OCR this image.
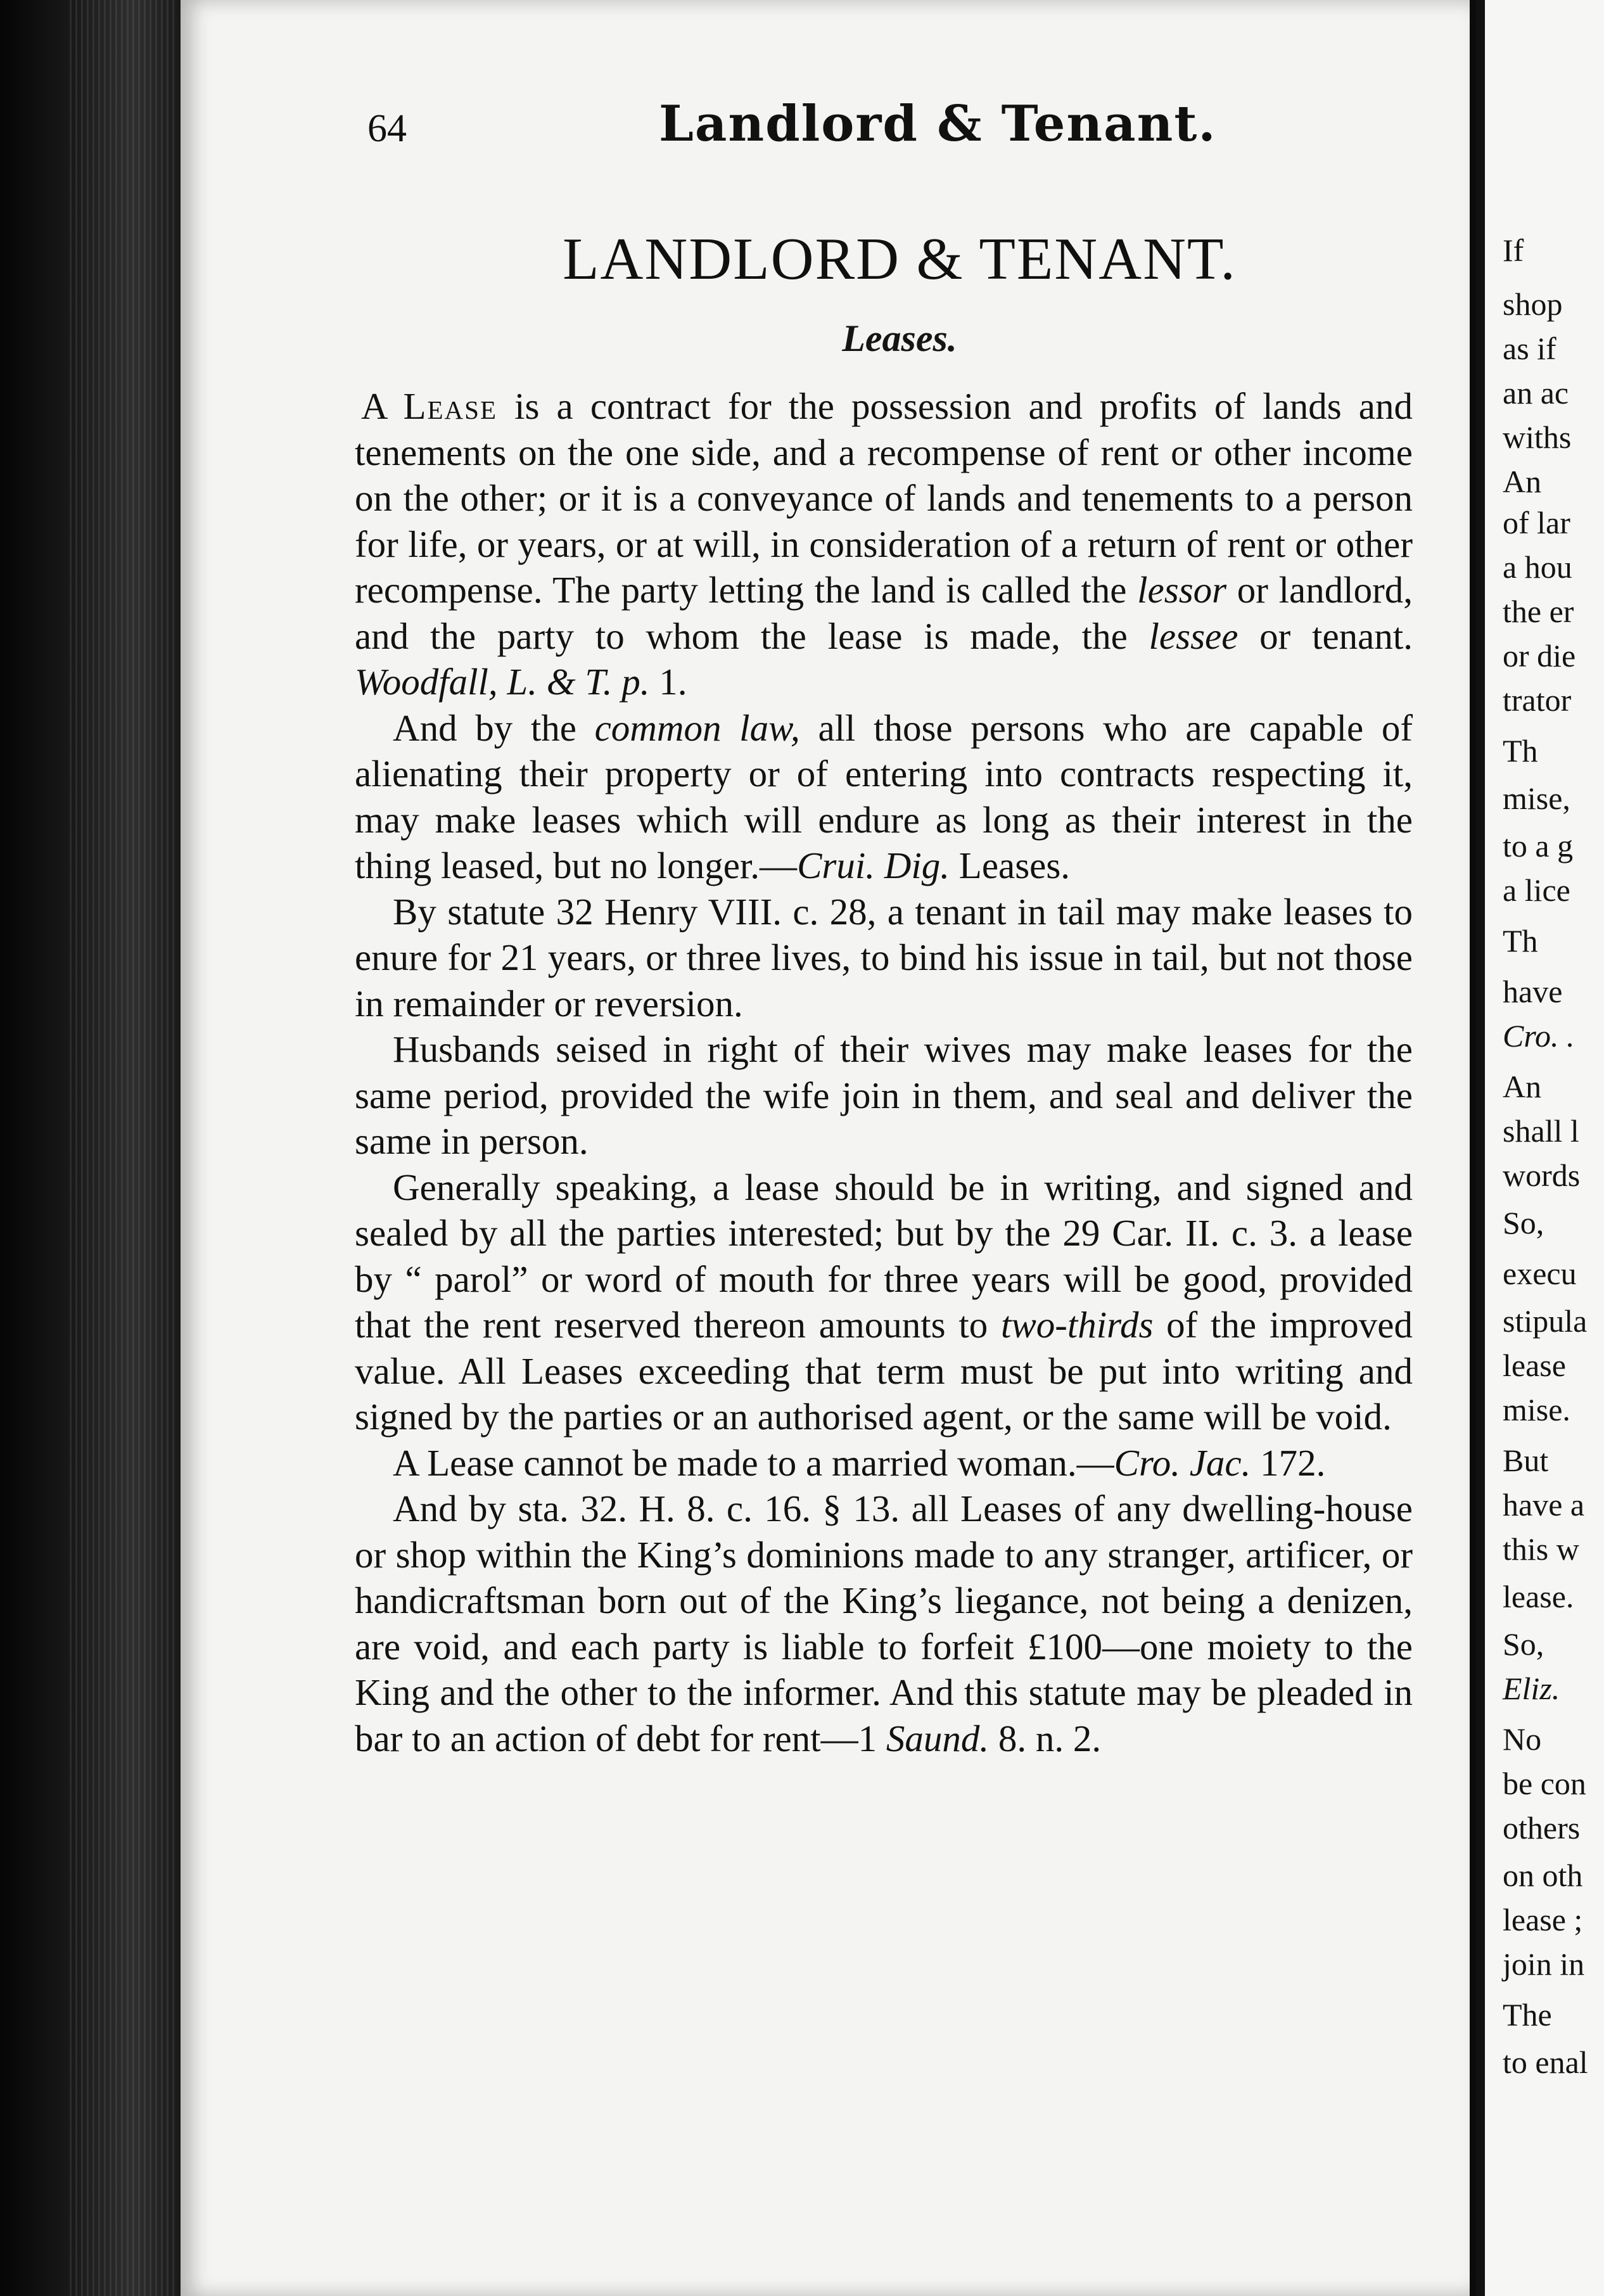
64	Landlord & Tenant.
LANDLORD & TENANT.
Leases.

A Lease is a contract for the possession and profits of lands and tenements on the one side, and a recompense of rent or other income on the other; or it is a conveyance of lands and tenements to a person for life, or years, or at will, in consideration of a return of rent or other recompense. The party letting the land is called the lessor or landlord, and the party to whom the lease is made, the lessee or tenant. Woodfall, L. & T. p. 1.

And by the common law, all those persons who are capable of alienating their property or of entering into contracts respecting it, may make leases which will endure as long as their interest in the thing leased, but no longer.—Crui. Dig. Leases.

By statute 32 Henry VIII. c. 28, a tenant in tail may make leases to enure for 21 years, or three lives, to bind his issue in tail, but not those in remainder or reversion.

Husbands seised in right of their wives may make leases for the same period, provided the wife join in them, and seal and deliver the same in person.

Generally speaking, a lease should be in writing, and signed and sealed by all the parties interested; but by the 29 Car. II. c. 3. a lease by “ parol” or word of mouth for three years will be good, provided that the rent reserved thereon amounts to two-thirds of the improved value. All Leases exceeding that term must be put into writing and signed by the parties or an authorised agent, or the same will be void.

A Lease cannot be made to a married woman.—Cro. Jac. 172.

And by sta. 32. H. 8. c. 16. § 13. all Leases of any dwelling-house or shop within the King’s dominions made to any stranger, artificer, or handicraftsman born out of the King’s liegance, not being a denizen, are void, and each party is liable to forfeit £100—one moiety to the King and the other to the informer. And this statute may be pleaded in bar to an action of debt for rent—1 Saund. 8. n. 2.

If
shop
as if
an ac
withs
An
of lar
a hou
the er
or die
trator
Th
mise,
to a g
a lice
Th
have
Cro. .
An
shall l
words
So,
execu
stipula
lease
mise.
But
have a
this w
lease.
So,
Eliz.
No
be con
others
on oth
lease ;
join in
The
to enal
